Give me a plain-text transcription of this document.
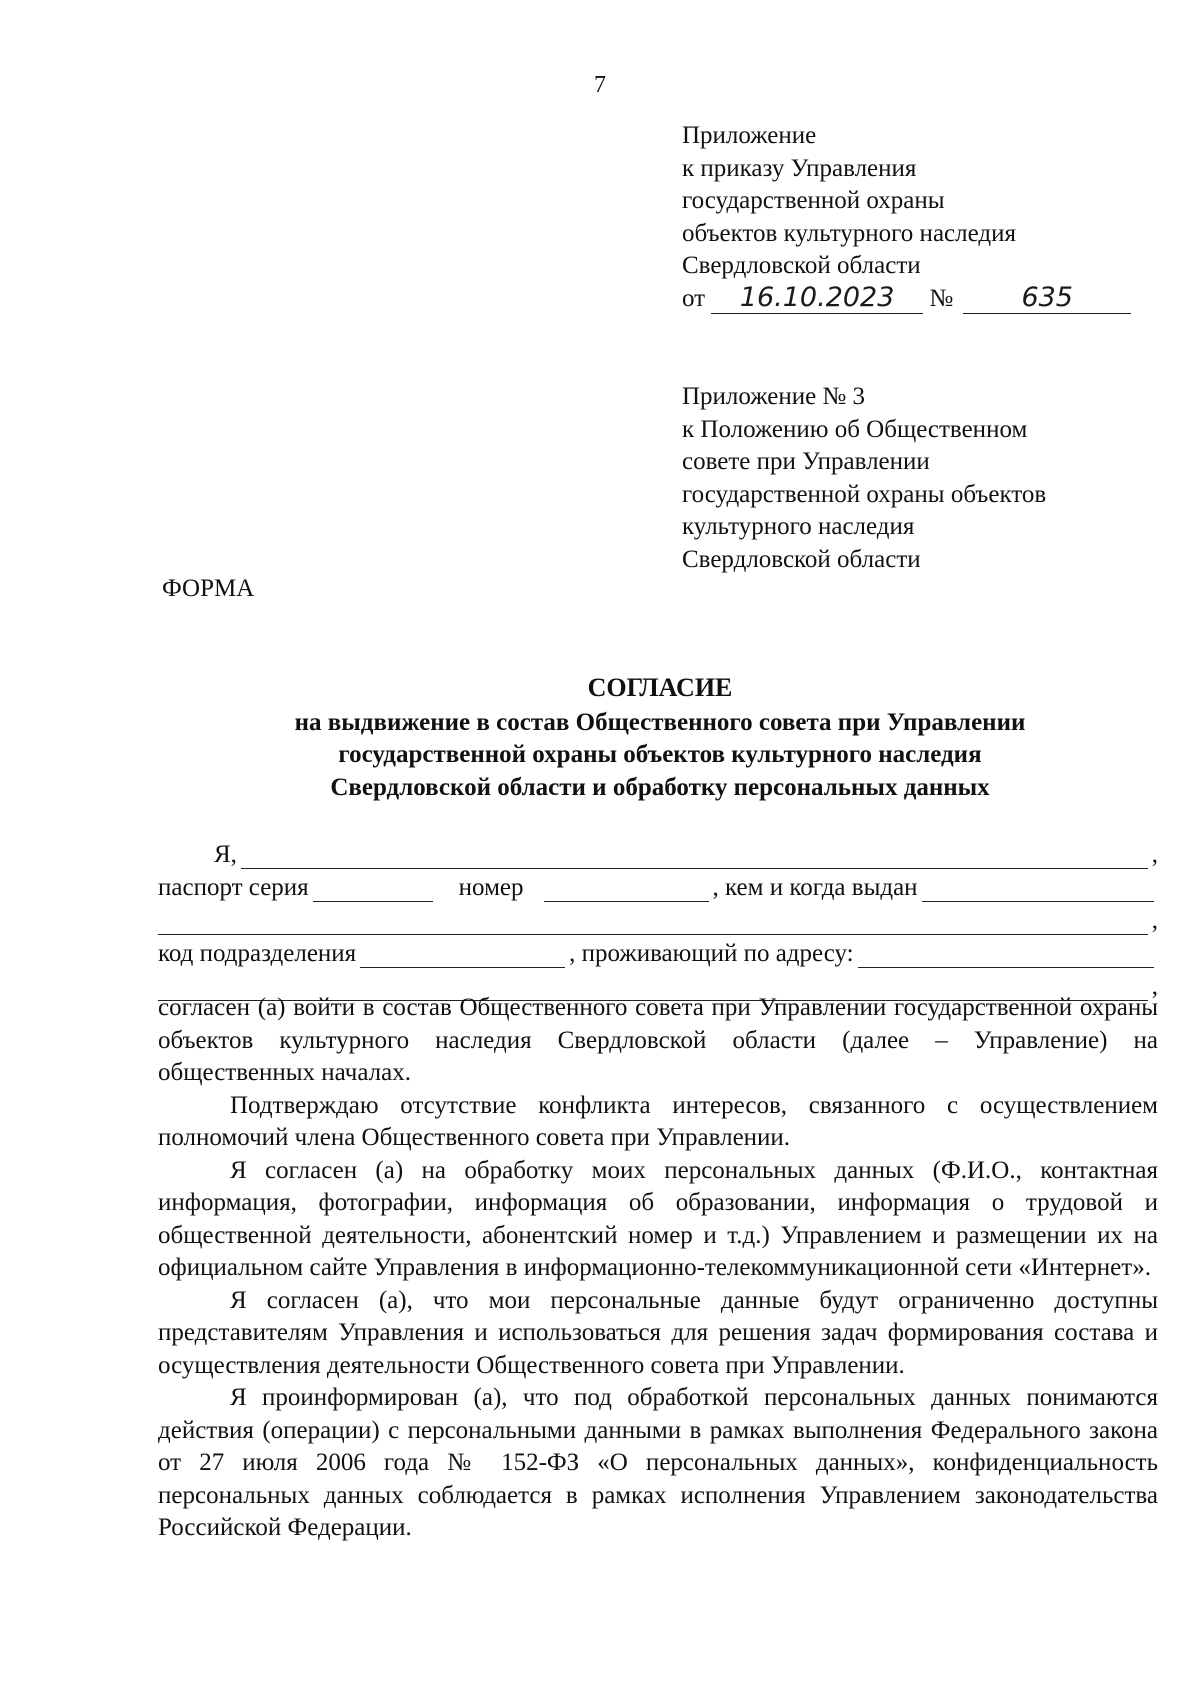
7
Приложение
к приказу Управления
государственной охраны
объектов культурного наследия
Свердловской области
от 16.10.2023 №	635
Приложение № 3
к Положению об Общественном
совете при Управлении
государственной охраны объектов
культурного наследия
Свердловской области
ФОРМА
СОГЛАСИЕ
на выдвижение в состав Общественного совета при Управлении
государственной охраны объектов культурного наследия
Свердловской области и обработку персональных данных
Я,	,
паспорт серия	номер	, кем и когда выдан
,
код подразделения	, проживающий по адресу:
,

согласен (а) войти в состав Общественного совета при Управлении государственной охраны объектов культурного наследия Свердловской области (далее – Управление) на общественных началах.

Подтверждаю отсутствие конфликта интересов, связанного с осуществлением полномочий члена Общественного совета при Управлении.

Я согласен (а) на обработку моих персональных данных (Ф.И.О., контактная информация, фотографии, информация об образовании, информация о трудовой и общественной деятельности, абонентский номер и т.д.) Управлением и размещении их на официальном сайте Управления в информационно-телекоммуникационной сети «Интернет».

Я согласен (а), что мои персональные данные будут ограниченно доступны представителям Управления и использоваться для решения задач формирования состава и осуществления деятельности Общественного совета при Управлении.

Я проинформирован (а), что под обработкой персональных данных понимаются действия (операции) с персональными данными в рамках выполнения Федерального закона от 27 июля 2006 года № 152-ФЗ «О персональных данных», конфиденциальность персональных данных соблюдается в рамках исполнения Управлением законодательства Российской Федерации.
